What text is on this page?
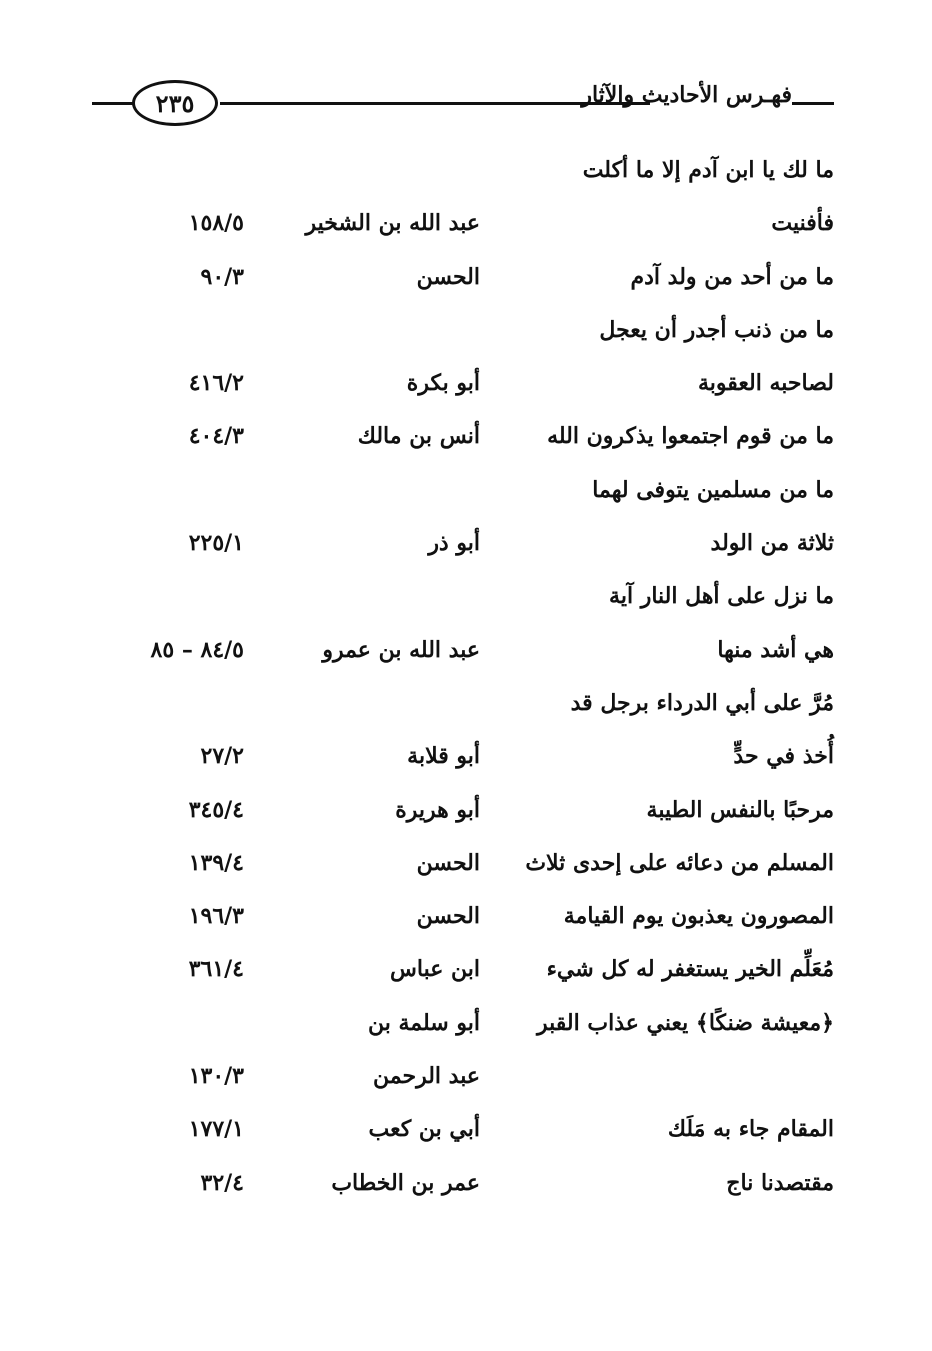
٢٣٥	فهـرس الأحاديث والآثار
ما لك يا ابن آدم إلا ما أكلت
فأفنيت
عبد الله بن الشخير
١٥٨/٥
ما من أحد من ولد آدم
الحسن
٩٠/٣
ما من ذنب أجدر أن يعجل
لصاحبه العقوبة
أبو بكرة
٤١٦/٢
ما من قوم اجتمعوا يذكرون الله
أنس بن مالك
٤٠٤/٣
ما من مسلمين يتوفى لهما
ثلاثة من الولد
أبو ذر
٢٢٥/١
ما نزل على أهل النار آية
هي أشد منها
عبد الله بن عمرو
٨٤/٥ – ٨٥
مُرَّ على أبي الدرداء برجل قد
أُخذ في حدٍّ
أبو قلابة
٢٧/٢
مرحبًا بالنفس الطيبة
أبو هريرة
٣٤٥/٤
المسلم من دعائه على إحدى ثلاث
الحسن
١٣٩/٤
المصورون يعذبون يوم القيامة
الحسن
١٩٦/٣
مُعَلِّم الخير يستغفر له كل شيء
ابن عباس
٣٦١/٤
﴿معيشة ضنكًا﴾ يعني عذاب القبر
أبو سلمة بن
عبد الرحمن
١٣٠/٣
المقام جاء به مَلَك
أبي بن كعب
١٧٧/١
مقتصدنا ناج
عمر بن الخطاب
٣٢/٤
